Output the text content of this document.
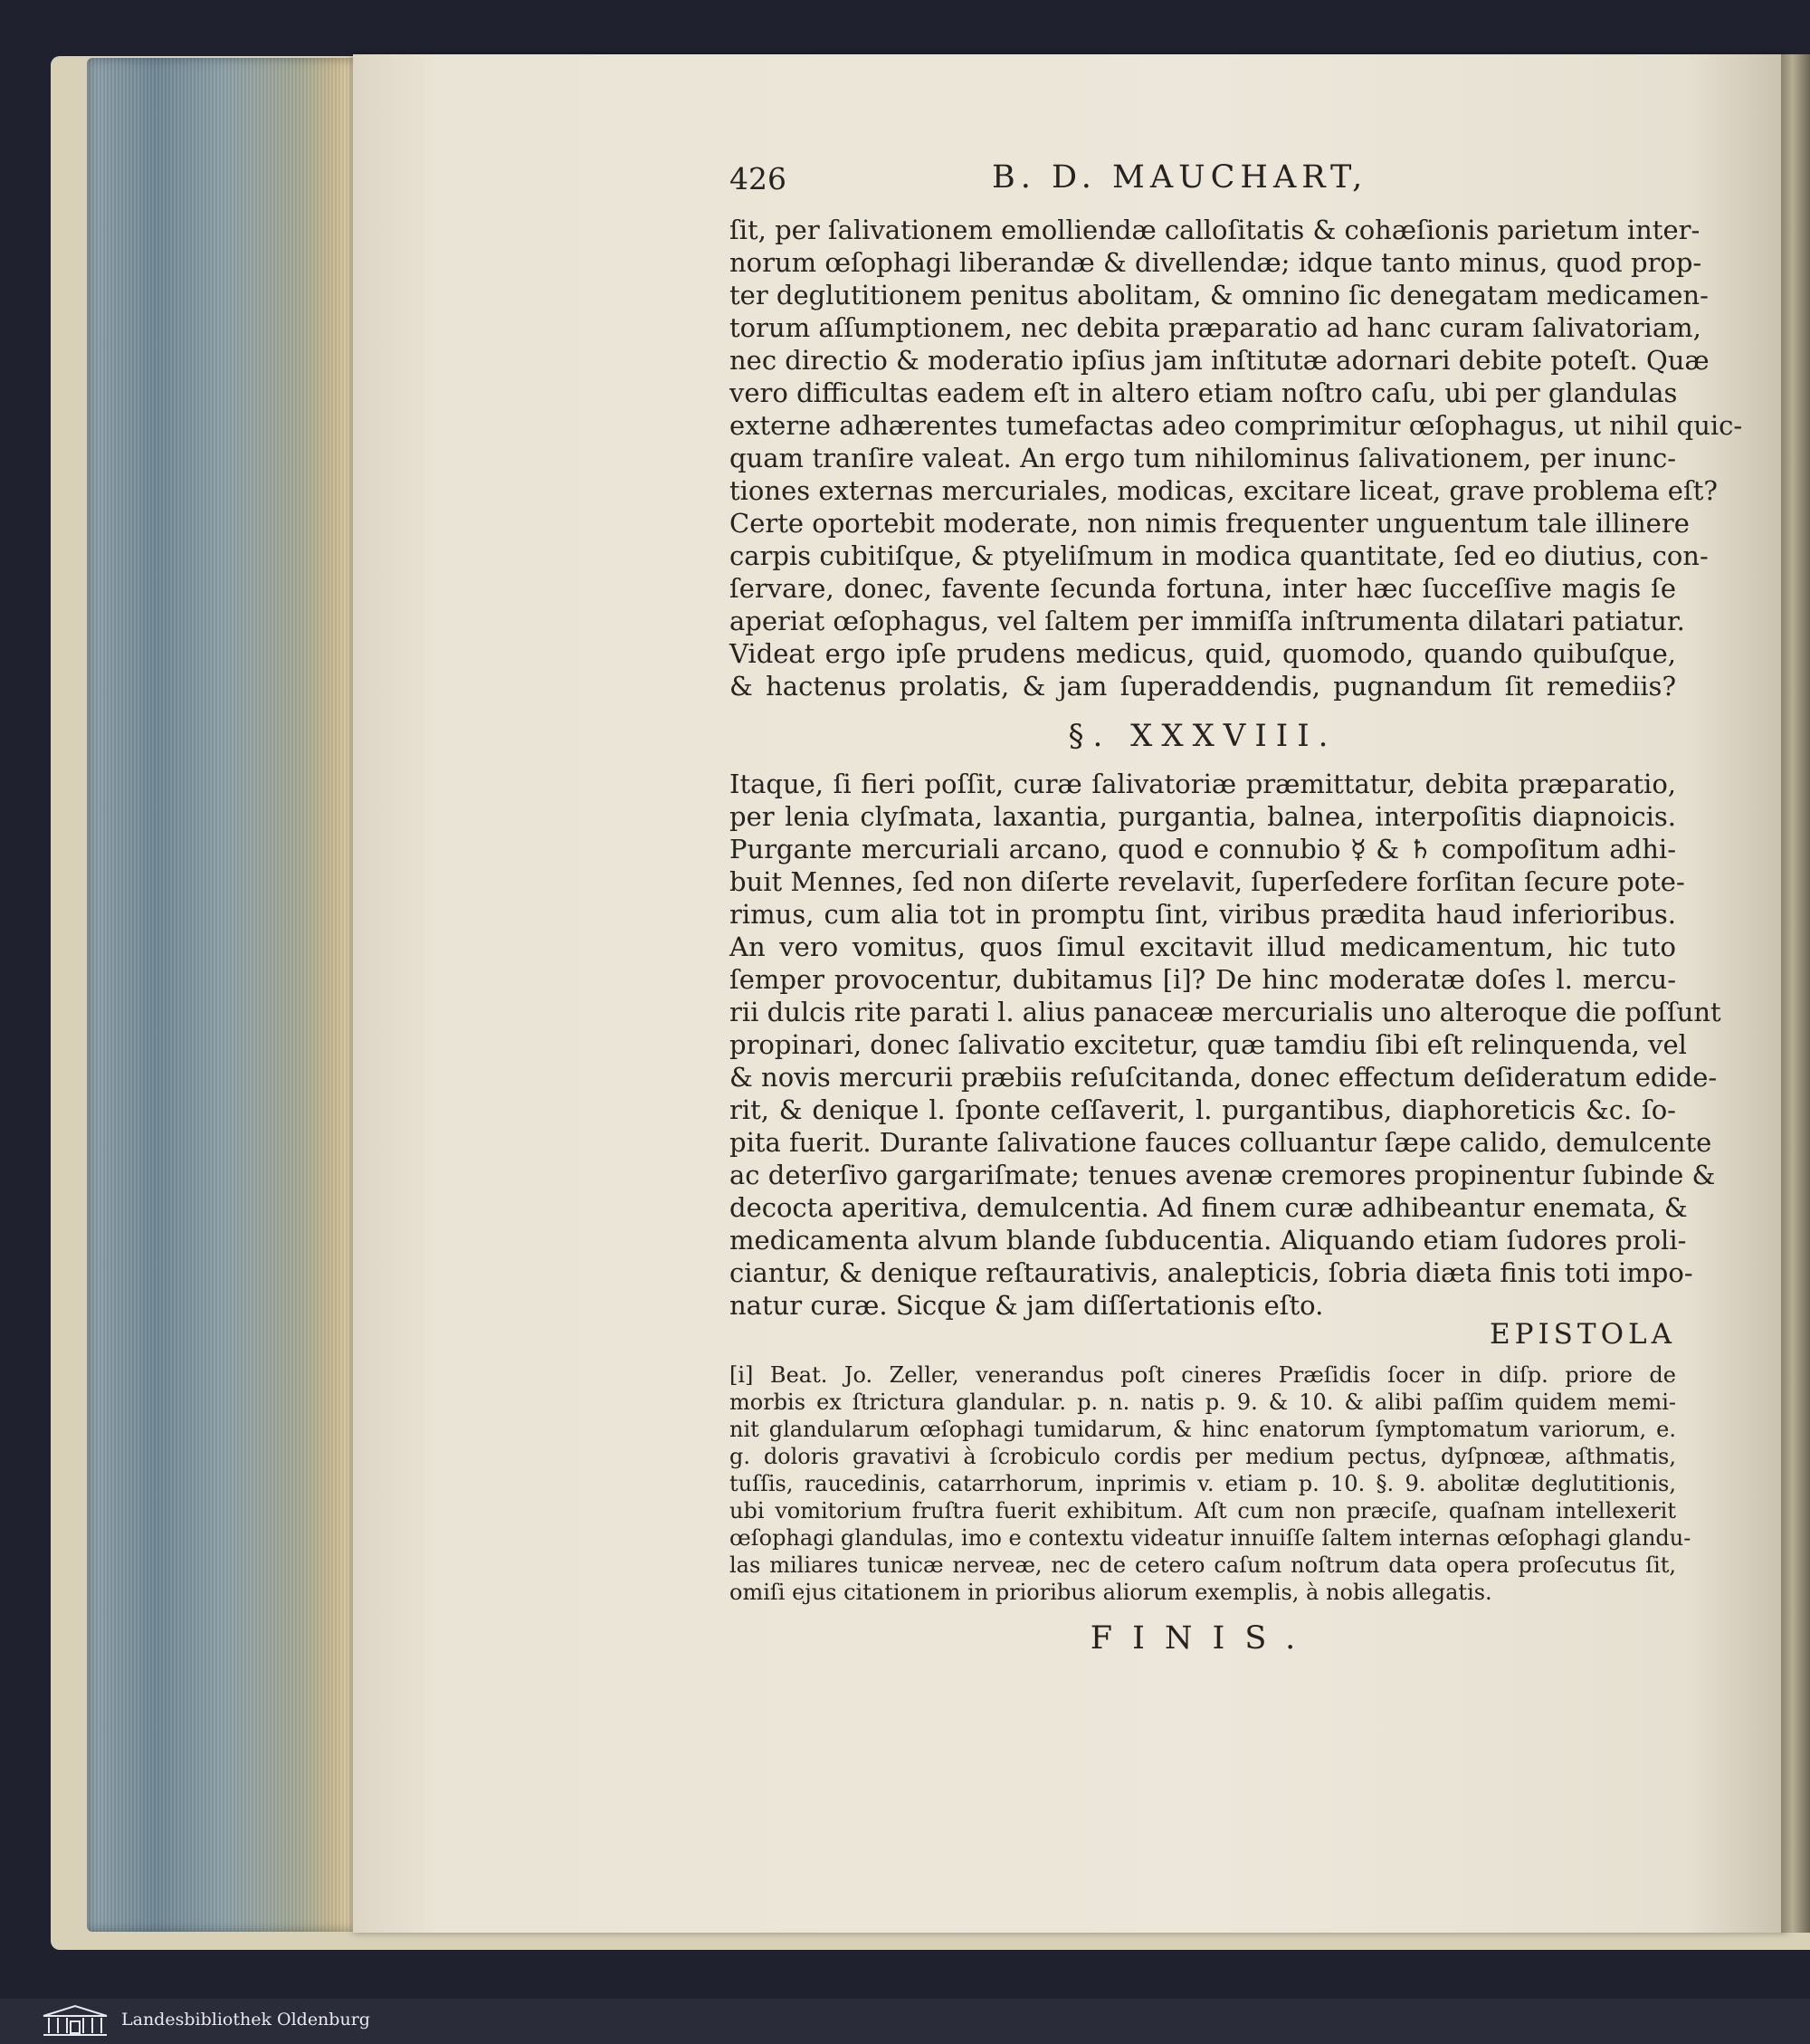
426	B. D. MAUCHART,
ſit, per ſalivationem emolliendæ calloſitatis & cohæſionis parietum inter-
norum œſophagi liberandæ & divellendæ; idque tanto minus, quod prop-
ter deglutitionem penitus abolitam, & omnino ſic denegatam medicamen-
torum aſſumptionem, nec debita præparatio ad hanc curam ſalivatoriam,
nec directio & moderatio ipſius jam inſtitutæ adornari debite poteſt. Quæ
vero difficultas eadem eſt in altero etiam noſtro caſu, ubi per glandulas
externe adhærentes tumefactas adeo comprimitur œſophagus, ut nihil quic-
quam tranſire valeat. An ergo tum nihilominus ſalivationem, per inunc-
tiones externas mercuriales, modicas, excitare liceat, grave problema eſt?
Certe oportebit moderate, non nimis frequenter unguentum tale illinere
carpis cubitiſque, & ptyeliſmum in modica quantitate, ſed eo diutius, con-
ſervare, donec, favente ſecunda fortuna, inter hæc ſucceſſive magis ſe
aperiat œſophagus, vel ſaltem per immiſſa inſtrumenta dilatari patiatur.
Videat ergo ipſe prudens medicus, quid, quomodo, quando quibuſque,
& hactenus prolatis, & jam ſuperaddendis, pugnandum ſit remediis?
§. XXXVIII.
Itaque, ſi fieri poſſit, curæ ſalivatoriæ præmittatur, debita præparatio,
per lenia clyſmata, laxantia, purgantia, balnea, interpoſitis diapnoicis.
Purgante mercuriali arcano, quod e connubio ☿ & ♄ compoſitum adhi-
buit Mennes, ſed non diſerte revelavit, ſuperſedere forſitan ſecure pote-
rimus, cum alia tot in promptu ſint, viribus prædita haud inferioribus.
An vero vomitus, quos ſimul excitavit illud medicamentum, hic tuto
ſemper provocentur, dubitamus [i]? De hinc moderatæ doſes l. mercu-
rii dulcis rite parati l. alius panaceæ mercurialis uno alteroque die poſſunt
propinari, donec ſalivatio excitetur, quæ tamdiu ſibi eſt relinquenda, vel
& novis mercurii præbiis reſuſcitanda, donec effectum deſideratum edide-
rit, & denique l. ſponte ceſſaverit, l. purgantibus, diaphoreticis &c. ſo-
pita fuerit. Durante ſalivatione fauces colluantur ſæpe calido, demulcente
ac deterſivo gargariſmate; tenues avenæ cremores propinentur ſubinde &
decocta aperitiva, demulcentia. Ad finem curæ adhibeantur enemata, &
medicamenta alvum blande ſubducentia. Aliquando etiam ſudores proli-
ciantur, & denique reſtaurativis, analepticis, ſobria diæta finis toti impo-
natur curæ. Sicque & jam diſſertationis eſto.
EPISTOLA
[i] Beat. Jo. Zeller, venerandus poſt cineres Præſidis ſocer in diſp. priore de
morbis ex ſtrictura glandular. p. n. natis p. 9. & 10. & alibi paſſim quidem memi-
nit glandularum œſophagi tumidarum, & hinc enatorum ſymptomatum variorum, e.
g. doloris gravativi à ſcrobiculo cordis per medium pectus, dyſpnœæ, aſthmatis,
tuſſis, raucedinis, catarrhorum, inprimis v. etiam p. 10. §. 9. abolitæ deglutitionis,
ubi vomitorium fruſtra fuerit exhibitum. Aſt cum non præciſe, quaſnam intellexerit
œſophagi glandulas, imo e contextu videatur innuiſſe ſaltem internas œſophagi glandu-
las miliares tunicæ nerveæ, nec de cetero caſum noſtrum data opera proſecutus ſit,
omiſi ejus citationem in prioribus aliorum exemplis, à nobis allegatis.
FINIS.
Landesbibliothek Oldenburg
